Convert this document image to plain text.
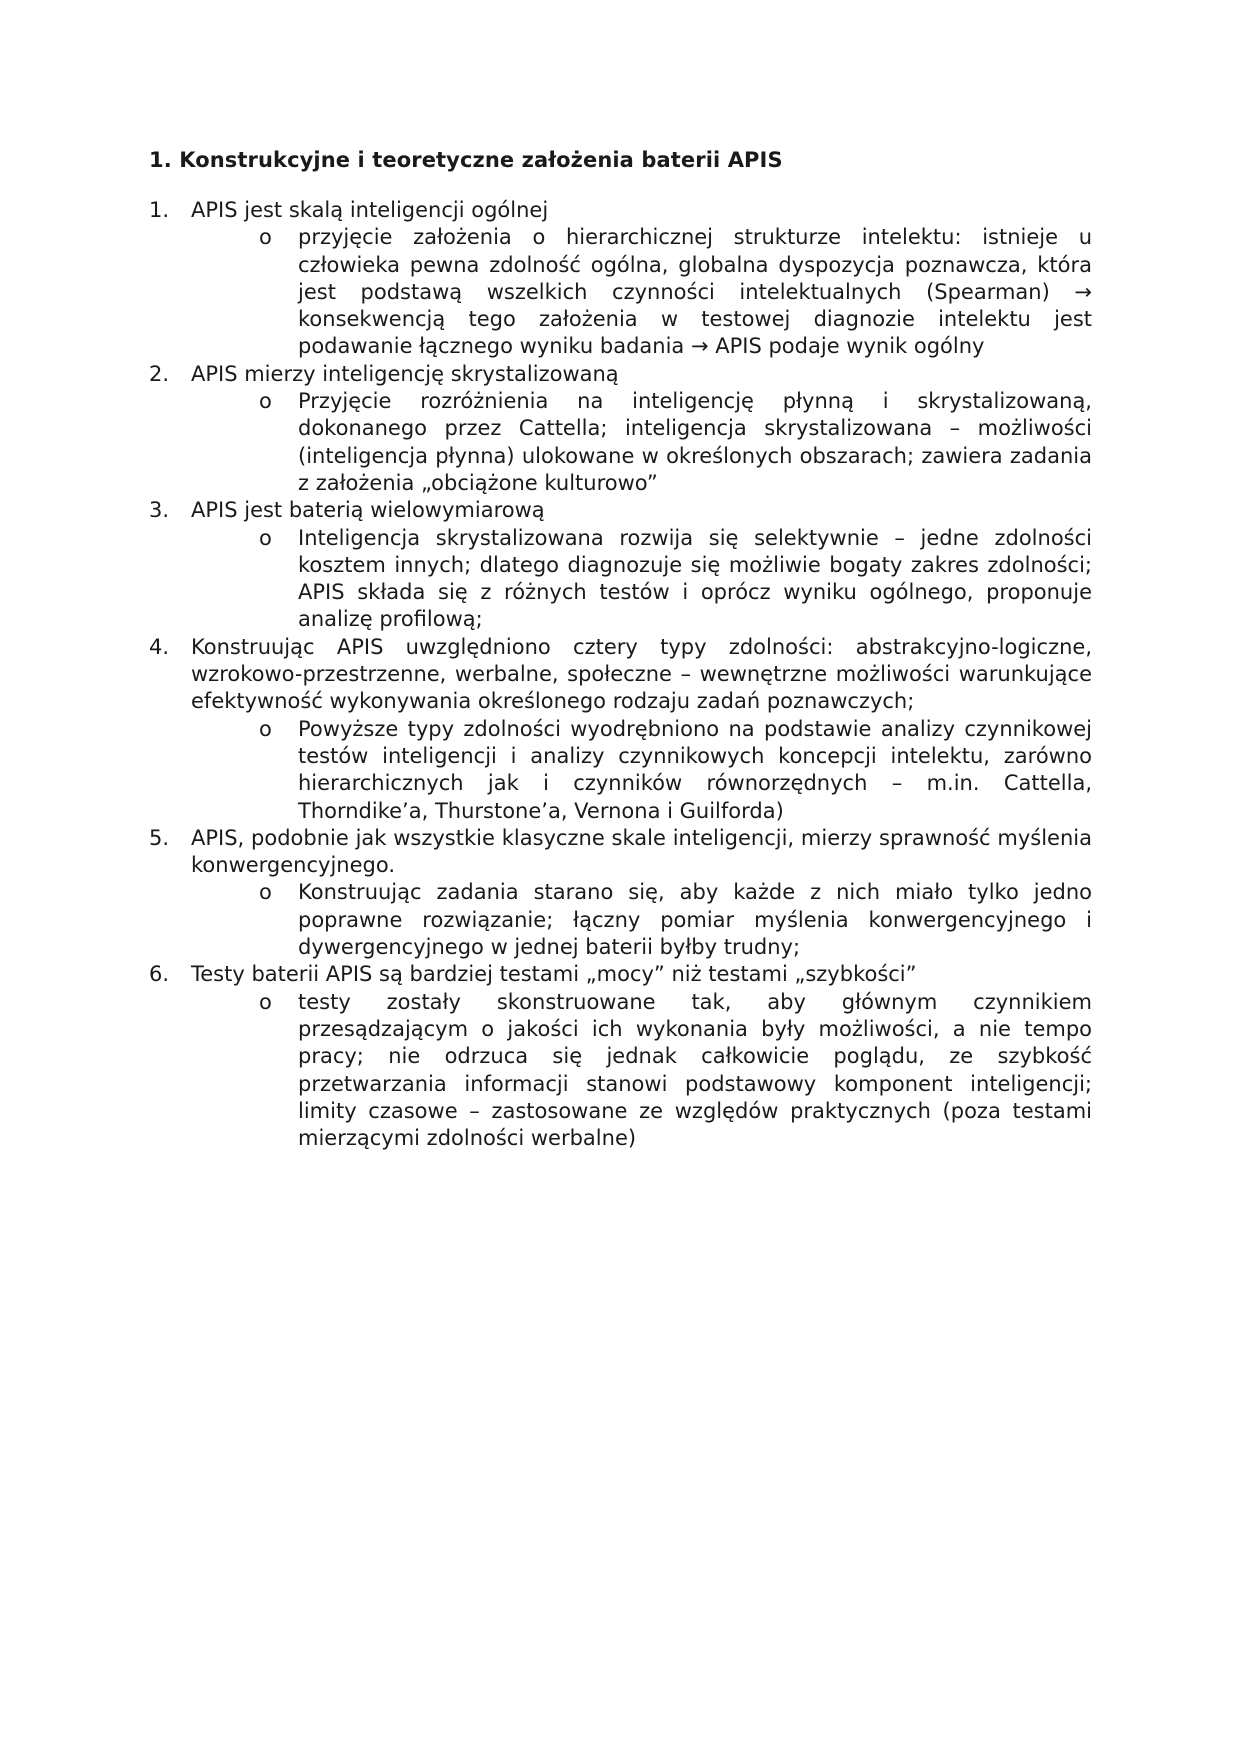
1. Konstrukcyjne i teoretyczne założenia baterii APIS
1. APIS jest skalą inteligencji ogólnej
o przyjęcie założenia o hierarchicznej strukturze intelektu: istnieje u człowieka pewna zdolność ogólna, globalna dyspozycja poznawcza, która jest podstawą wszelkich czynności intelektualnych (Spearman) → konsekwencją tego założenia w testowej diagnozie intelektu jest podawanie łącznego wyniku badania → APIS podaje wynik ogólny
2. APIS mierzy inteligencję skrystalizowaną
o Przyjęcie rozróżnienia na inteligencję płynną i skrystalizowaną, dokonanego przez Cattella; inteligencja skrystalizowana – możliwości (inteligencja płynna) ulokowane w określonych obszarach; zawiera zadania z założenia „obciążone kulturowo”
3. APIS jest baterią wielowymiarową
o Inteligencja skrystalizowana rozwija się selektywnie – jedne zdolności kosztem innych; dlatego diagnozuje się możliwie bogaty zakres zdolności; APIS składa się z różnych testów i oprócz wyniku ogólnego, proponuje analizę profilową;
4. Konstruując APIS uwzględniono cztery typy zdolności: abstrakcyjno-logiczne, wzrokowo-przestrzenne, werbalne, społeczne – wewnętrzne możliwości warunkujące efektywność wykonywania określonego rodzaju zadań poznawczych;
o Powyższe typy zdolności wyodrębniono na podstawie analizy czynnikowej testów inteligencji i analizy czynnikowych koncepcji intelektu, zarówno hierarchicznych jak i czynników równorzędnych – m.in. Cattella, Thorndike’a, Thurstone’a, Vernona i Guilforda)
5. APIS, podobnie jak wszystkie klasyczne skale inteligencji, mierzy sprawność myślenia konwergencyjnego.
o Konstruując zadania starano się, aby każde z nich miało tylko jedno poprawne rozwiązanie; łączny pomiar myślenia konwergencyjnego i dywergencyjnego w jednej baterii byłby trudny;
6. Testy baterii APIS są bardziej testami „mocy” niż testami „szybkości”
o testy zostały skonstruowane tak, aby głównym czynnikiem przesądzającym o jakości ich wykonania były możliwości, a nie tempo pracy; nie odrzuca się jednak całkowicie poglądu, ze szybkość przetwarzania informacji stanowi podstawowy komponent inteligencji; limity czasowe – zastosowane ze względów praktycznych (poza testami mierzącymi zdolności werbalne)
